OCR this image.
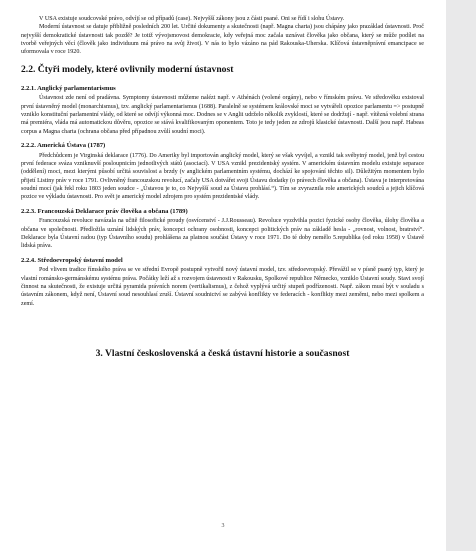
V USA existuje soudcovské právo, odvíjí se od případů (case). Nejvyšší zákony jsou z části psané. Oni se řídí i slohu Ústavy.

Moderní ústavnost se datuje přibližně posledních 200 let. Určité dokumenty a skutečnosti (např. Magna charta) jsou chápány jako prazáklad ústavnosti. Proč nejvyšší demokratické ústavnosti tak pozdě? Je totiž vývojsmovost demokracie, kdy veřejná moc začala uznávat člověka jako občana, který se může podílet na tvorbě veřejných věcí (člověk jako individuum má právo na svůj život). V nás to bylo vázáno na pád Rakouska-Uherska. Klíčová ústavněprávní emancipace se uformovala v roce 1920.

2.2. Čtyři modely, které ovlivnily moderní ústavnost
2.2.1. Anglický parlamentarismus

Ústavnost zde není od pradávna. Symptomy ústavnosti můžeme nalézt např. v Athénách (volené orgány), nebo v římském právu. Ve středověku existoval první ústavněný model (monarchismus), tzv. anglický parlamentarismus (1688). Paralelně se systémem královské moci se vytvářeli opozice parlamentu => postupně vzniklo konstituční parlamentní vlády, od které se odvíjí výkonná moc. Dodnes se v Anglii udrželo několik zvyklostí, které se dodržují - např. vítězná volební strana má premiéra, vláda má automatickou důvěru, opozice se stává kvalifikovaným oponentem. Toto je tedy jeden ze zdrojů klasické ústavnosti. Další jsou např. Habeas corpus a Magna charta (ochrana občana před případnou zvůlí soudní moci).

2.2.2. Americká Ústava (1787)

Předchůdcem je Virginská deklarace (1776). Do Ameriky byl importován anglický model, který se však vyvíjel, a vznikl tak svébytný model, jenž byl cestou první federace sváza vzniknuvší posloupnicím jednotlivých států (asociací). V USA vznikl prezidentský systém. V americkém ústavním modelu existuje separace (oddělení) moci, mezi kterými působí určitá souvislost a brzdy (v anglickém parlamentním systému, dochází ke spojování těchto sil). Důležitým momentem bylo přijetí Listiny práv v roce 1791. Ovlivněný francouzskou revolucí, začaly USA dotvářet svoji Ústavu dodatky (o právech člověka a občana). Ústava je interpretována soudní mocí (jak řekl roku 1803 jeden soudce - „Ústavou je to, co Nejvyšší soud za Ústavu prohlásí.“). Tím se zvyraznila role amerických soudců a jejich klíčová pozice ve výkladu ústavnosti. Pro svět je americký model zdrojem pro systém prezidentské vlády.

2.2.3. Francouzská Deklarace práv člověka a občana (1789)

Francouzská revoluce navázala na učitě filosofické proudy (osvícenství - J.J.Rousseau). Revoluce vyzdvihla pozici fyzické osoby člověka, úlohy člověka a občana ve společnosti. Předložila uznání lidských práv, koncepci ochrany osobnosti, koncepci politických práv na základě hesla - „rovnost, volnost, bratrství“. Deklarace byla Ústavní radou (typ Ústavního soudu) prohlášena za platnou součást Ústavy v roce 1971. Do té doby nemělo 5.republika (od roku 1958) v Ústavě lidská práva.

2.2.4. Středoevropský ústavní model

Pod vlivem tradice římského práva se ve střední Evropě postupně vytvořil nový ústavní model, tzv. středoevropský. Převážil se v písně psaný typ, který je vlastní románsko-germánskému systému práva. Počátky leží až s rozvojem ústavnosti v Rakousku, Spolkové republice Německo, vzniklo Ústavní soudy. Stavi svojí činnost na skutečnosti, že existuje určitá pyramida právních norem (vertikalismus), z čehož vyplývá určitý stupeň podřízenosti. Např. zákon musí být v souladu s ústavním zákonem, když není, Ústavní soud nesouhlasí zruší. Ústavní soudnictví se zabývá konflikty ve federacích - konflikty mezi zeměmi, nebo mezi spolkem a zemí.

3. Vlastní československá a česká ústavní historie a současnost
3
